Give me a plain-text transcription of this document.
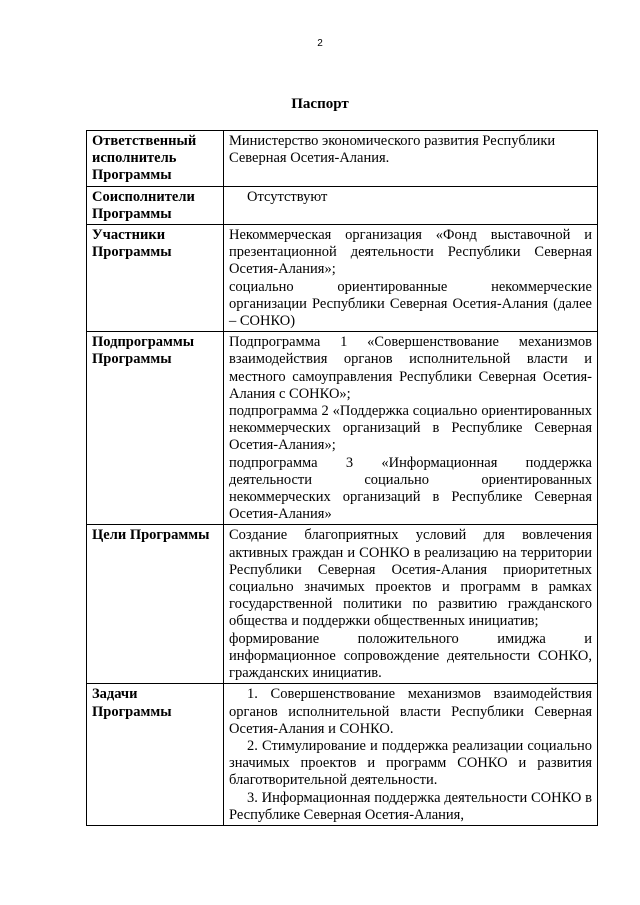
2
Паспорт
Ответственный исполнитель Программы	Министерство экономического развития Республики Северная Осетия-Алания.

Соисполнители Программы	Отсутствуют

Участники Программы	Некоммерческая организация «Фонд выставочной и презентационной деятельности Республики Северная Осетия-Алания»;
социально ориентированные некоммерческие организации Республики Северная Осетия-Алания (далее – СОНКО)

Подпрограммы Программы	Подпрограмма 1 «Совершенствование механизмов взаимодействия органов исполнительной власти и местного самоуправления Республики Северная Осетия-Алания с СОНКО»;
подпрограмма 2 «Поддержка социально ориентированных некоммерческих организаций в Республике Северная Осетия-Алания»;
подпрограмма 3 «Информационная поддержка деятельности социально ориентированных некоммерческих организаций в Республике Северная Осетия-Алания»

Цели Программы	Создание благоприятных условий для вовлечения активных граждан и СОНКО в реализацию на территории Республики Северная Осетия-Алания приоритетных социально значимых проектов и программ в рамках государственной политики по развитию гражданского общества и поддержки общественных инициатив;
формирование положительного имиджа и информационное сопровождение деятельности СОНКО, гражданских инициатив.

Задачи Программы	1. Совершенствование механизмов взаимодействия органов исполнительной власти Республики Северная Осетия-Алания и СОНКО.
2. Стимулирование и поддержка реализации социально значимых проектов и программ СОНКО и развития благотворительной деятельности.
3. Информационная поддержка деятельности СОНКО в Республике Северная Осетия-Алания,
